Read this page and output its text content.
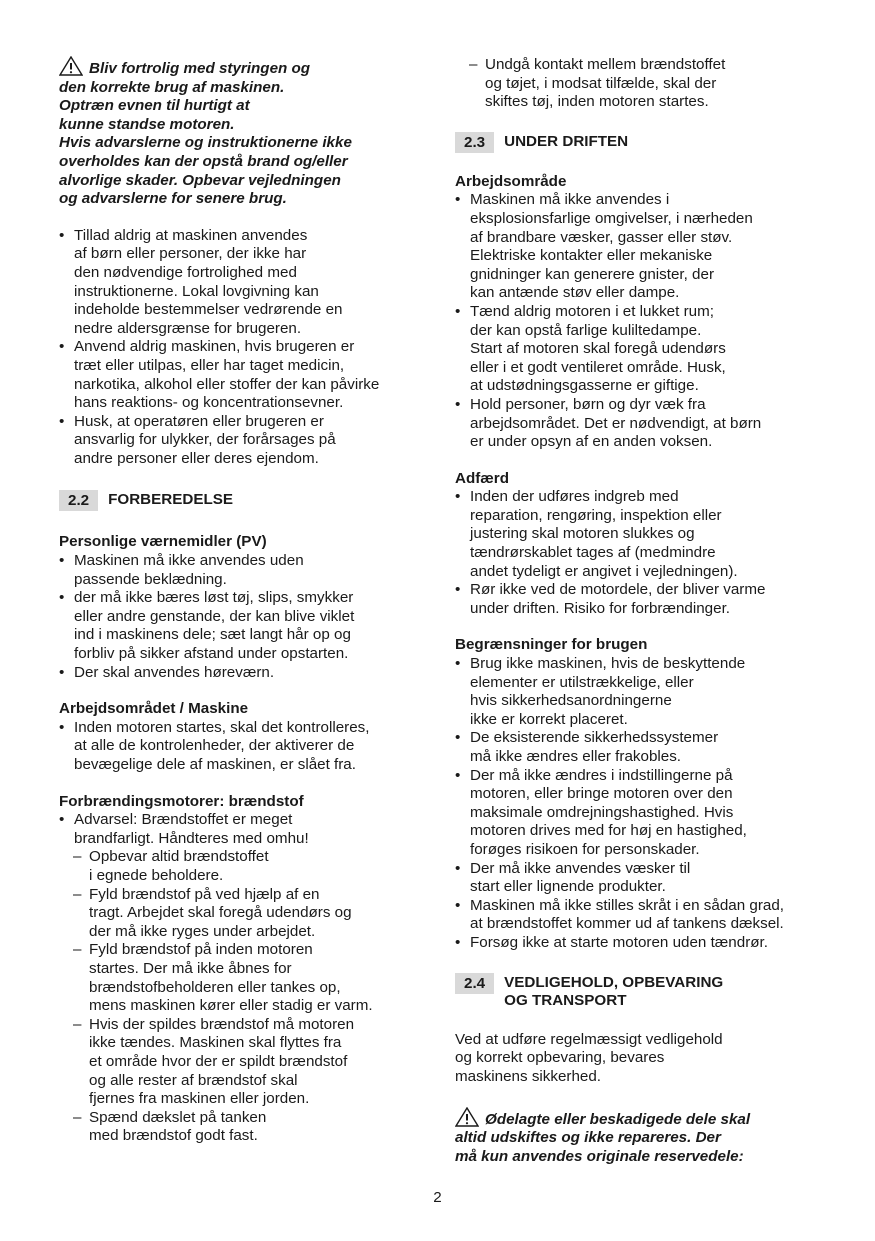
Bliv fortrolig med styringen og
den korrekte brug af maskinen.
Optræn evnen til hurtigt at
kunne standse motoren.
Hvis advarslerne og instruktionerne ikke
overholdes kan der opstå brand og/eller
alvorlige skader. Opbevar vejledningen
og advarslerne for senere brug.
• Tillad aldrig at maskinen anvendes
af børn eller personer, der ikke har
den nødvendige fortrolighed med
instruktionerne. Lokal lovgivning kan
indeholde bestemmelser vedrørende en
nedre aldersgrænse for brugeren.
• Anvend aldrig maskinen, hvis brugeren er
træt eller utilpas, eller har taget medicin,
narkotika, alkohol eller stoffer der kan påvirke
hans reaktions- og koncentrationsevner.
• Husk, at operatøren eller brugeren er
ansvarlig for ulykker, der forårsages på
andre personer eller deres ejendom.
2.2	FORBEREDELSE
Personlige værnemidler (PV)
• Maskinen må ikke anvendes uden
passende beklædning.
• der må ikke bæres løst tøj, slips, smykker
eller andre genstande, der kan blive viklet
ind i maskinens dele; sæt langt hår op og
forbliv på sikker afstand under opstarten.
• Der skal anvendes høreværn.
Arbejdsområdet / Maskine
• Inden motoren startes, skal det kontrolleres,
at alle de kontrolenheder, der aktiverer de
bevægelige dele af maskinen, er slået fra.
Forbrændingsmotorer: brændstof
• Advarsel: Brændstoffet er meget
brandfarligt. Håndteres med omhu!
– Opbevar altid brændstoffet
i egnede beholdere.
– Fyld brændstof på ved hjælp af en
tragt. Arbejdet skal foregå udendørs og
der må ikke ryges under arbejdet.
– Fyld brændstof på inden motoren
startes. Der må ikke åbnes for
brændstofbeholderen eller tankes op,
mens maskinen kører eller stadig er varm.
– Hvis der spildes brændstof må motoren
ikke tændes. Maskinen skal flyttes fra
et område hvor der er spildt brændstof
og alle rester af brændstof skal
fjernes fra maskinen eller jorden.
– Spænd dækslet på tanken
med brændstof godt fast.
– Undgå kontakt mellem brændstoffet
og tøjet, i modsat tilfælde, skal der
skiftes tøj, inden motoren startes.
2.3	UNDER DRIFTEN
Arbejdsområde
• Maskinen må ikke anvendes i
eksplosionsfarlige omgivelser, i nærheden
af brandbare væsker, gasser eller støv.
Elektriske kontakter eller mekaniske
gnidninger kan generere gnister, der
kan antænde støv eller dampe.
• Tænd aldrig motoren i et lukket rum;
der kan opstå farlige kuliltedampe.
Start af motoren skal foregå udendørs
eller i et godt ventileret område. Husk,
at udstødningsgasserne er giftige.
• Hold personer, børn og dyr væk fra
arbejdsområdet. Det er nødvendigt, at børn
er under opsyn af en anden voksen.
Adfærd
• Inden der udføres indgreb med
reparation, rengøring, inspektion eller
justering skal motoren slukkes og
tændrørskablet tages af (medmindre
andet tydeligt er angivet i vejledningen).
• Rør ikke ved de motordele, der bliver varme
under driften. Risiko for forbrændinger.
Begrænsninger for brugen
• Brug ikke maskinen, hvis de beskyttende
elementer er utilstrækkelige, eller
hvis sikkerhedsanordningerne
ikke er korrekt placeret.
• De eksisterende sikkerhedssystemer
må ikke ændres eller frakobles.
• Der må ikke ændres i indstillingerne på
motoren, eller bringe motoren over den
maksimale omdrejningshastighed. Hvis
motoren drives med for høj en hastighed,
forøges risikoen for personskader.
• Der må ikke anvendes væsker til
start eller lignende produkter.
• Maskinen må ikke stilles skråt i en sådan grad,
at brændstoffet kommer ud af tankens dæksel.
• Forsøg ikke at starte motoren uden tændrør.
2.4	VEDLIGEHOLD, OPBEVARING
OG TRANSPORT
Ved at udføre regelmæssigt vedligehold
og korrekt opbevaring, bevares
maskinens sikkerhed.
Ødelagte eller beskadigede dele skal
altid udskiftes og ikke repareres. Der
må kun anvendes originale reservedele:
2
